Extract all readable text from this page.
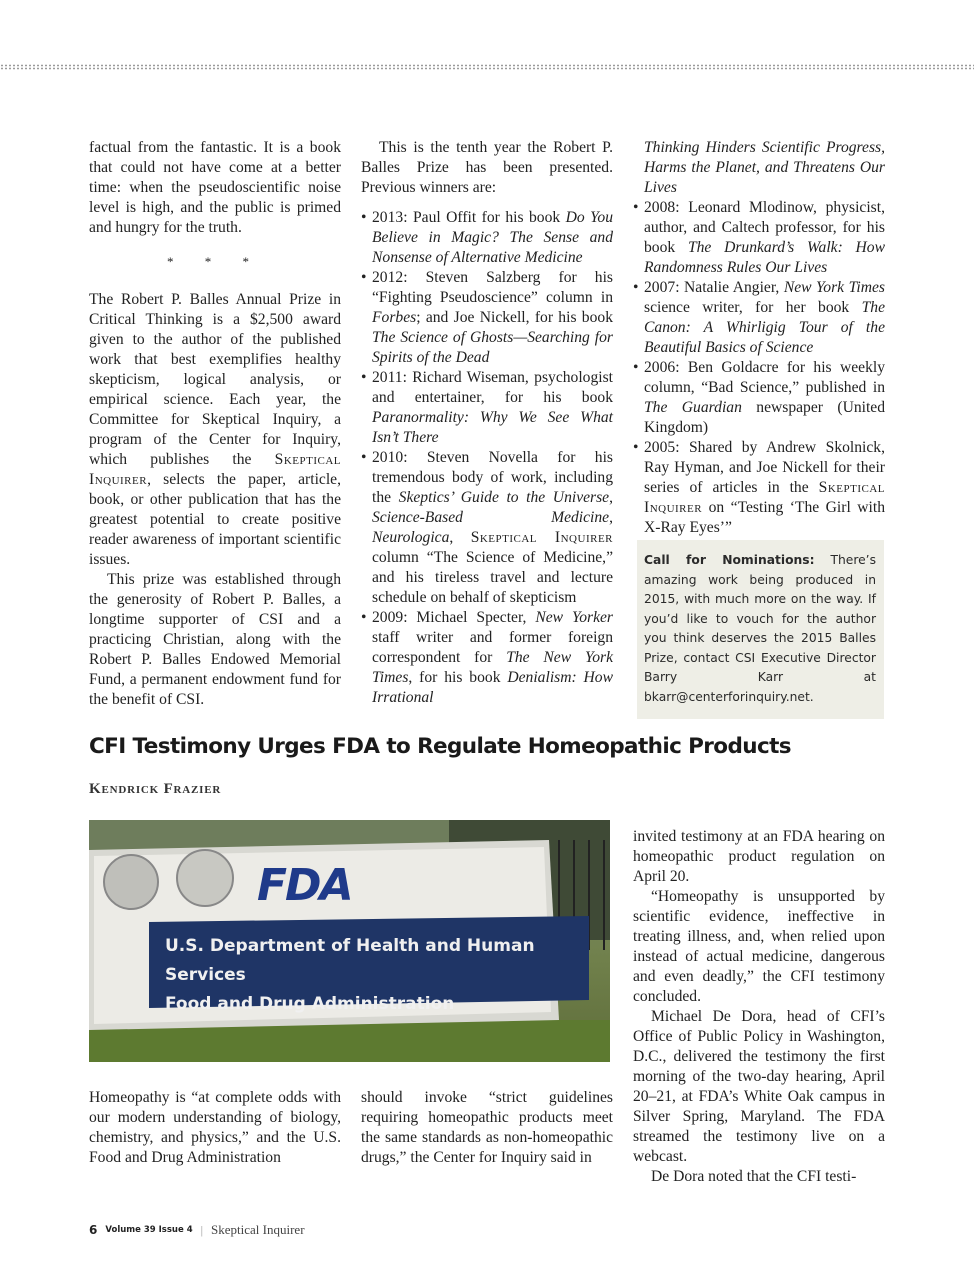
factual from the fantastic. It is a book that could not have come at a better time: when the pseudoscientific noise level is high, and the public is primed and hungry for the truth.

* * *

The Robert P. Balles Annual Prize in Critical Thinking is a $2,500 award given to the author of the published work that best exemplifies healthy skepticism, logical analysis, or empirical science. Each year, the Committee for Skeptical Inquiry, a program of the Center for Inquiry, which publishes the Skeptical Inquirer, selects the paper, article, book, or other publication that has the greatest potential to create positive reader awareness of important scientific issues.

This prize was established through the generosity of Robert P. Balles, a longtime supporter of CSI and a practicing Christian, along with the Robert P. Balles Endowed Memorial Fund, a permanent endowment fund for the benefit of CSI.

This is the tenth year the Robert P. Balles Prize has been presented. Previous winners are:

• 2013: Paul Offit for his book Do You Believe in Magic? The Sense and Nonsense of Alternative Medicine
• 2012: Steven Salzberg for his “Fighting Pseudoscience” column in Forbes; and Joe Nickell, for his book The Science of Ghosts—Searching for Spirits of the Dead
• 2011: Richard Wiseman, psychologist and entertainer, for his book Paranormality: Why We See What Isn’t There
• 2010: Steven Novella for his tremendous body of work, including the Skeptics’ Guide to the Universe, Science-Based Medicine, Neurologica, Skeptical Inquirer column “The Science of Medicine,” and his tireless travel and lecture schedule on behalf of skepticism
• 2009: Michael Specter, New Yorker staff writer and former foreign correspondent for The New York Times, for his book Denialism: How Irrational
Thinking Hinders Scientific Progress, Harms the Planet, and Threatens Our Lives
• 2008: Leonard Mlodinow, physicist, author, and Caltech professor, for his book The Drunkard’s Walk: How Randomness Rules Our Lives
• 2007: Natalie Angier, New York Times science writer, for her book The Canon: A Whirligig Tour of the Beautiful Basics of Science
• 2006: Ben Goldacre for his weekly column, “Bad Science,” published in The Guardian newspaper (United Kingdom)
• 2005: Shared by Andrew Skolnick, Ray Hyman, and Joe Nickell for their series of articles in the Skeptical Inquirer on “Testing ‘The Girl with X-Ray Eyes’”
Call for Nominations: There’s amazing work being produced in 2015, with much more on the way. If you’d like to vouch for the author you think deserves the 2015 Balles Prize, contact CSI Executive Director Barry Karr at bkarr@centerforinquiry.net.
CFI Testimony Urges FDA to Regulate Homeopathic Products
Kendrick Frazier
FDA
U.S. Department of Health and Human Services
Food and Drug Administration

Homeopathy is “at complete odds with our modern understanding of biology, chemistry, and physics,” and the U.S. Food and Drug Administration

should invoke “strict guidelines requiring homeopathic products meet the same standards as non-homeopathic drugs,” the Center for Inquiry said in

invited testimony at an FDA hearing on homeopathic product regulation on April 20.

“Homeopathy is unsupported by scientific evidence, ineffective in treating illness, and, when relied upon instead of actual medicine, dangerous and even deadly,” the CFI testimony concluded.

Michael De Dora, head of CFI’s Office of Public Policy in Washington, D.C., delivered the testimony the first morning of the two-day hearing, April 20–21, at FDA’s White Oak campus in Silver Spring, Maryland. The FDA streamed the testimony live on a webcast.

De Dora noted that the CFI testi-

6 Volume 39 Issue 4 | Skeptical Inquirer
